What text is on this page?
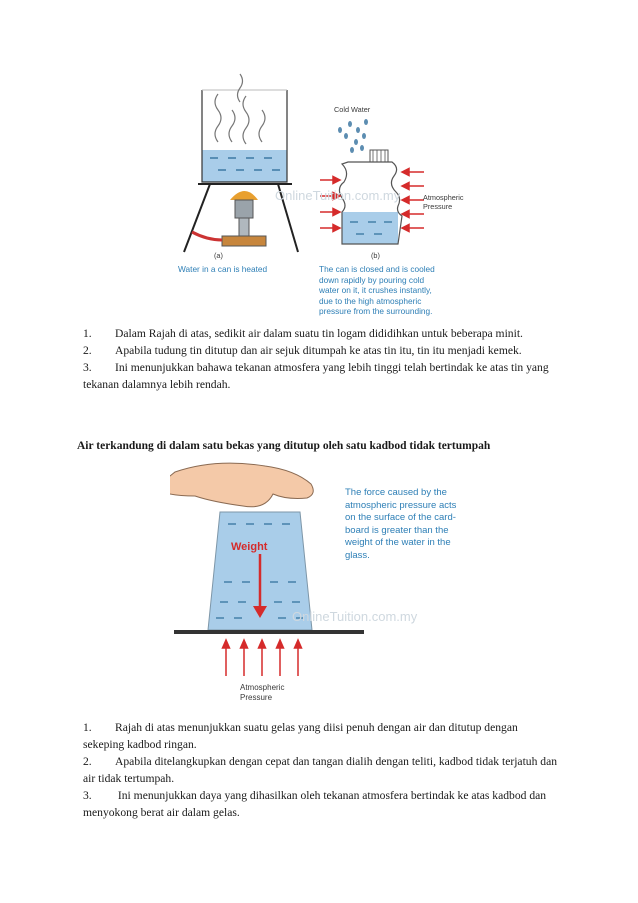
OnlineTuition.com.my
Cold Water
Atmospheric
Pressure
(a)	(b)
Water in a can is heated	The can is closed and is cooled
down rapidly by pouring cold
water on it, it crushes instantly,
due to the high atmospheric
pressure from the surrounding.

1. Dalam Rajah di atas, sedikit air dalam suatu tin logam dididihkan untuk beberapa minit.

2. Apabila tudung tin ditutup dan air sejuk ditumpah ke atas tin itu, tin itu menjadi kemek.

3. Ini menunjukkan bahawa tekanan atmosfera yang lebih tinggi telah bertindak ke atas tin yang tekanan dalamnya lebih rendah.

Air terkandung di dalam satu bekas yang ditutup oleh satu kadbod tidak tertumpah
Weight
OnlineTuition.com.my
The force caused by the
atmospheric pressure acts
on the surface of the card-
board is greater than the
weight of the water in the
glass.
Atmospheric
Pressure

1. Rajah di atas menunjukkan suatu gelas yang diisi penuh dengan air dan ditutup dengan sekeping kadbod ringan.

2. Apabila ditelangkupkan dengan cepat dan tangan dialih dengan teliti, kadbod tidak terjatuh dan air tidak tertumpah.

3. Ini menunjukkan daya yang dihasilkan oleh tekanan atmosfera bertindak ke atas kadbod dan menyokong berat air dalam gelas.
